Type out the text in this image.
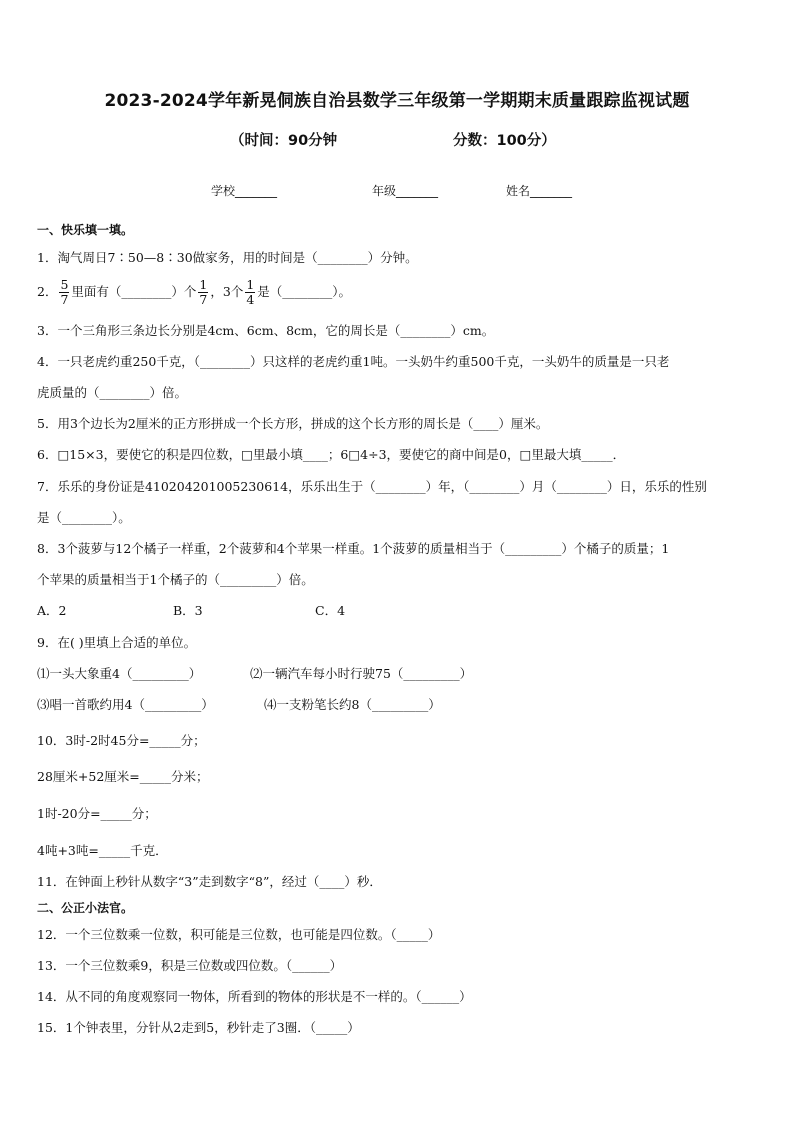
2023-2024学年新晃侗族自治县数学三年级第一学期期末质量跟踪监视试题
（时间：90分钟	分数：100分）
学校_______	年级_______	姓名_______
一、快乐填一填。
1．淘气周日7∶50—8∶30做家务，用的时间是（________）分钟。
2． $\frac{5}{7}$ 里面有（________）个 $\frac{1}{7}$ ，3个 $\frac{1}{4}$ 是（________）。
3．一个三角形三条边长分别是4cm、6cm、8cm，它的周长是（________）cm。
4．一只老虎约重250千克，（________）只这样的老虎约重1吨。一头奶牛约重500千克，一头奶牛的质量是一只老
虎质量的（________）倍。
5．用3个边长为2厘米的正方形拼成一个长方形，拼成的这个长方形的周长是（____）厘米。
6．□15×3，要使它的积是四位数，□里最小填____；6□4÷3，要使它的商中间是0，□里最大填_____．
7．乐乐的身份证是410204201005230614，乐乐出生于（________）年，（________）月（________）日，乐乐的性别
是（________）。
8．3个菠萝与12个橘子一样重，2个菠萝和4个苹果一样重。1个菠萝的质量相当于（_________）个橘子的质量；1
个苹果的质量相当于1个橘子的（_________）倍。
A．2	B．3	C．4
9．在( )里填上合适的单位。
⑴一头大象重4（_________）	⑵一辆汽车每小时行驶75（_________）
⑶唱一首歌约用4（_________）	⑷一支粉笔长约8（_________）
10．3时-2时45分=_____分；
28厘米+52厘米=_____分米；
1时-20分=_____分；
4吨+3吨=_____千克．
11．在钟面上秒针从数字“3”走到数字“8”，经过（____）秒．
二、公正小法官。
12．一个三位数乘一位数，积可能是三位数，也可能是四位数。（_____）
13．一个三位数乘9，积是三位数或四位数。（______）
14．从不同的角度观察同一物体，所看到的物体的形状是不一样的。（______）
15．1个钟表里，分针从2走到5，秒针走了3圈．（_____）
